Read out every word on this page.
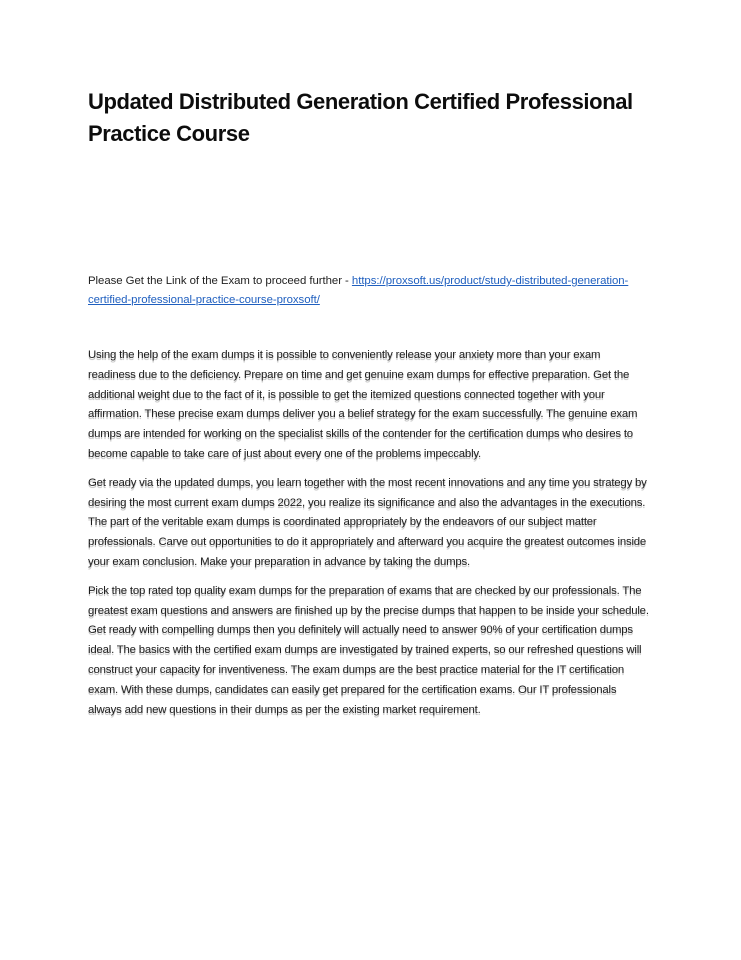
Updated Distributed Generation Certified Professional Practice Course

Please Get the Link of the Exam to proceed further - https://proxsoft.us/product/study-distributed-generation-certified-professional-practice-course-proxsoft/

Using the help of the exam dumps it is possible to conveniently release your anxiety more than your exam readiness due to the deficiency. Prepare on time and get genuine exam dumps for effective preparation. Get the additional weight due to the fact of it, is possible to get the itemized questions connected together with your affirmation. These precise exam dumps deliver you a belief strategy for the exam successfully. The genuine exam dumps are intended for working on the specialist skills of the contender for the certification dumps who desires to become capable to take care of just about every one of the problems impeccably.

Get ready via the updated dumps, you learn together with the most recent innovations and any time you strategy by desiring the most current exam dumps 2022, you realize its significance and also the advantages in the executions. The part of the veritable exam dumps is coordinated appropriately by the endeavors of our subject matter professionals. Carve out opportunities to do it appropriately and afterward you acquire the greatest outcomes inside your exam conclusion. Make your preparation in advance by taking the dumps.

Pick the top rated top quality exam dumps for the preparation of exams that are checked by our professionals. The greatest exam questions and answers are finished up by the precise dumps that happen to be inside your schedule. Get ready with compelling dumps then you definitely will actually need to answer 90% of your certification dumps ideal. The basics with the certified exam dumps are investigated by trained experts, so our refreshed questions will construct your capacity for inventiveness. The exam dumps are the best practice material for the IT certification exam. With these dumps, candidates can easily get prepared for the certification exams. Our IT professionals always add new questions in their dumps as per the existing market requirement.
